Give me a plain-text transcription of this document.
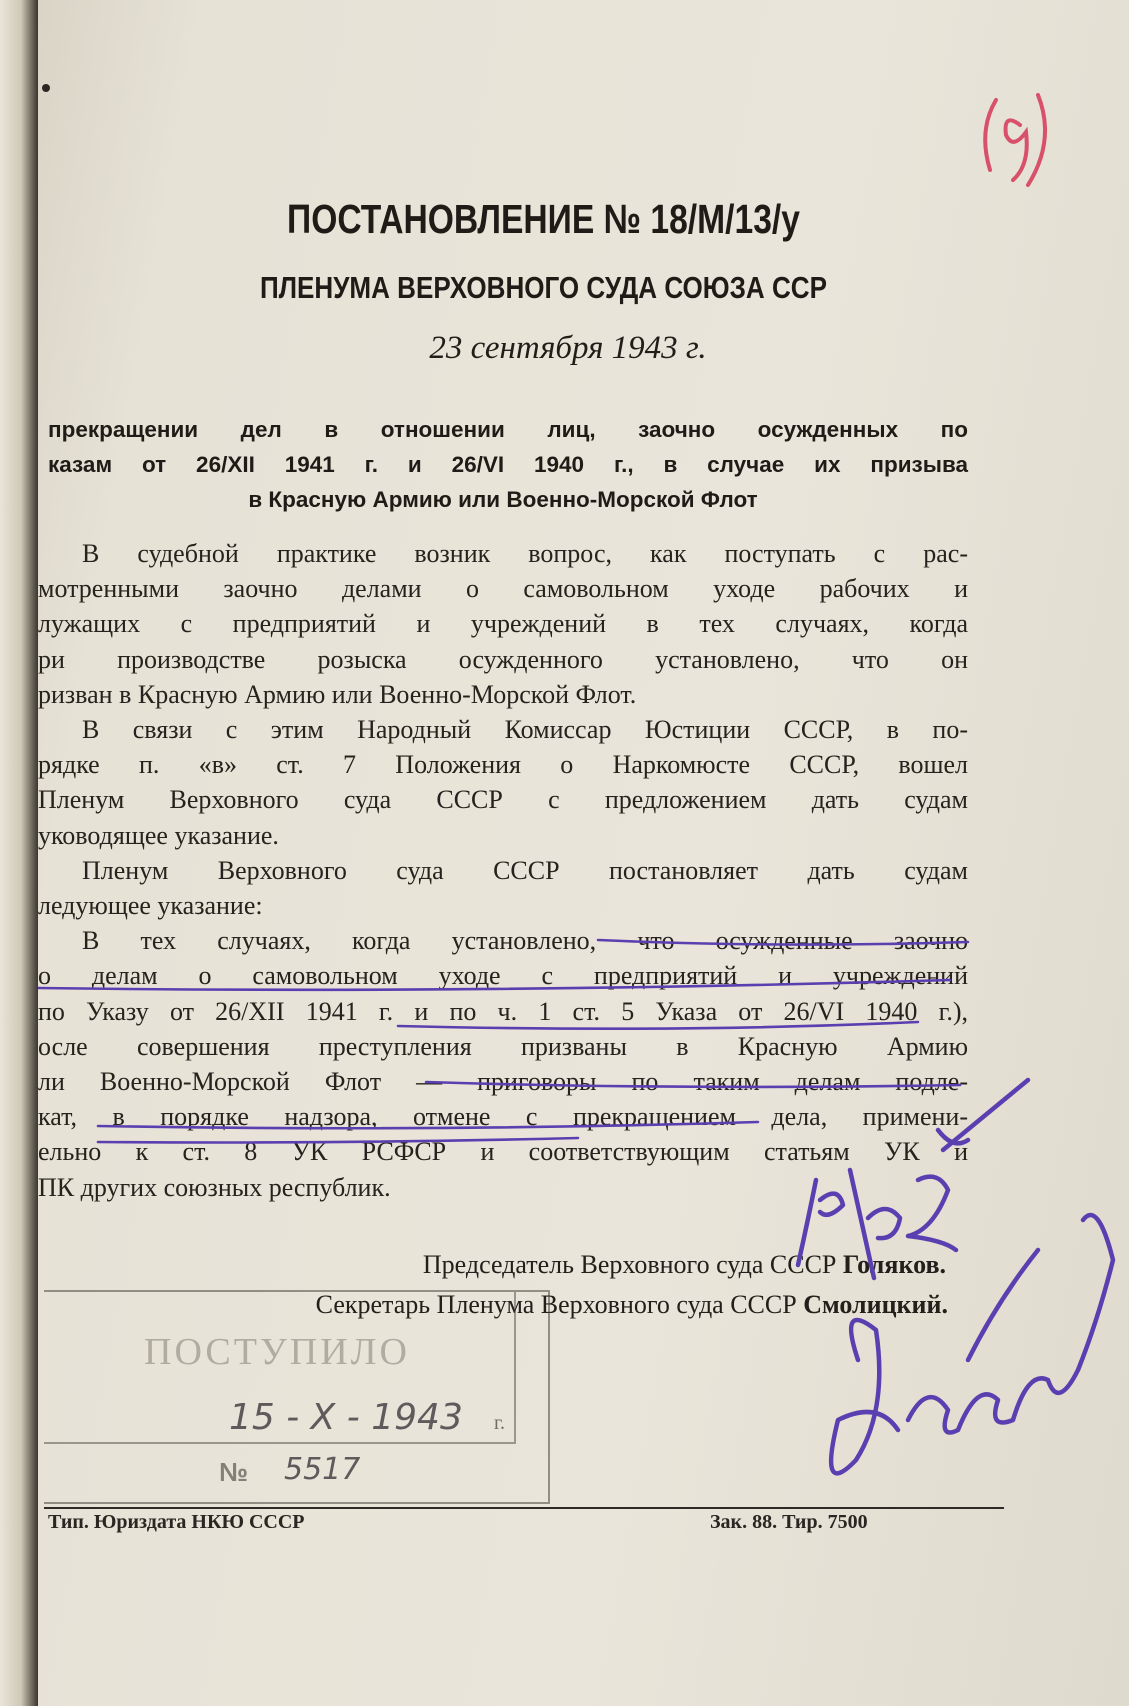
ПОСТАНОВЛЕНИЕ № 18/М/13/у
ПЛЕНУМА ВЕРХОВНОГО СУДА СОЮЗА ССР
23 сентября 1943 г.
прекращении дел в отношении лиц, заочно осужденных по
казам от 26/XII 1941 г. и 26/VI 1940 г., в случае их призыва
в Красную Армию или Военно-Морской Флот
В судебной практике возник вопрос, как поступать с рас-
мотренными заочно делами о самовольном уходе рабочих и
лужащих с предприятий и учреждений в тех случаях, когда
ри производстве розыска осужденного установлено, что он
ризван в Красную Армию или Военно-Морской Флот.
В связи с этим Народный Комиссар Юстиции СССР, в по-
рядке п. «в» ст. 7 Положения о Наркомюсте СССР, вошел
Пленум Верховного суда СССР с предложением дать судам
уководящее указание.
Пленум Верховного суда СССР постановляет дать судам
ледующее указание:
В тех случаях, когда установлено, что осужденные заочно
о делам о самовольном уходе с предприятий и учреждений
по Указу от 26/XII 1941 г. и по ч. 1 ст. 5 Указа от 26/VI 1940 г.),
осле совершения преступления призваны в Красную Армию
ли Военно-Морской Флот — приговоры по таким делам подле-
кат, в порядке надзора, отмене с прекращением дела, примени-
ельно к ст. 8 УК РСФСР и соответствующим статьям УК и
ПК других союзных республик.
Председатель Верховного суда СССР Голяков.
Секретарь Пленума Верховного суда СССР Смолицкий.
ПОСТУПИЛО
15 - X - 1943 г.
№ 5517
Тип. Юриздата НКЮ СССР	Зак. 88. Тир. 7500
